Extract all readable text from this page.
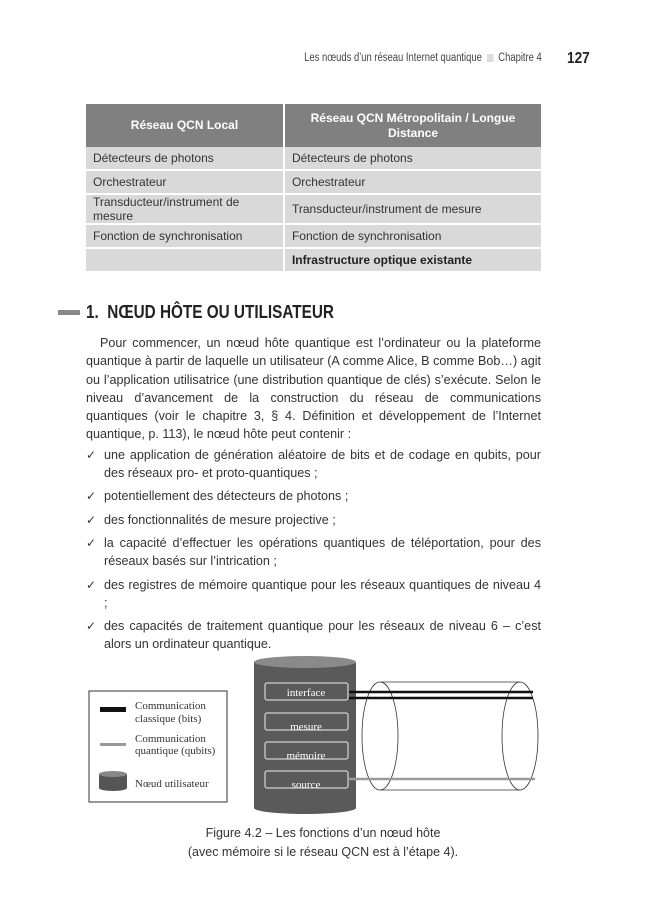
Les nœuds d’un réseau Internet quantique Chapitre 4 127
Réseau QCN Local	Réseau QCN Métropolitain / Longue Distance
Détecteurs de photons	Détecteurs de photons
Orchestrateur	Orchestrateur
Transducteur/instrument de mesure	Transducteur/instrument de mesure
Fonction de synchronisation	Fonction de synchronisation
	Infrastructure optique existante
1. NŒUD HÔTE OU UTILISATEUR

Pour commencer, un nœud hôte quantique est l’ordinateur ou la plateforme quantique à partir de laquelle un utilisateur (A comme Alice, B comme Bob…) agit ou l’application utilisatrice (une distribution quantique de clés) s’exécute. Selon le niveau d’avancement de la construction du réseau de communications quantiques (voir le chapitre 3, § 4. Définition et développement de l’Internet quantique, p. 113), le nœud hôte peut contenir :

✓ une application de génération aléatoire de bits et de codage en qubits, pour des réseaux pro- et proto-quantiques ;
✓ potentiellement des détecteurs de photons ;
✓ des fonctionnalités de mesure projective ;
✓ la capacité d’effectuer les opérations quantiques de téléportation, pour des réseaux basés sur l’intrication ;
✓ des registres de mémoire quantique pour les réseaux quantiques de niveau 4 ;
✓ des capacités de traitement quantique pour les réseaux de niveau 6 – c’est alors un ordinateur quantique.
Communication
classique (bits)
Communication
quantique (qubits)
Nœud utilisateur
interface
mesure
mémoire
source
Figure 4.2 – Les fonctions d’un nœud hôte
(avec mémoire si le réseau QCN est à l’étape 4).
